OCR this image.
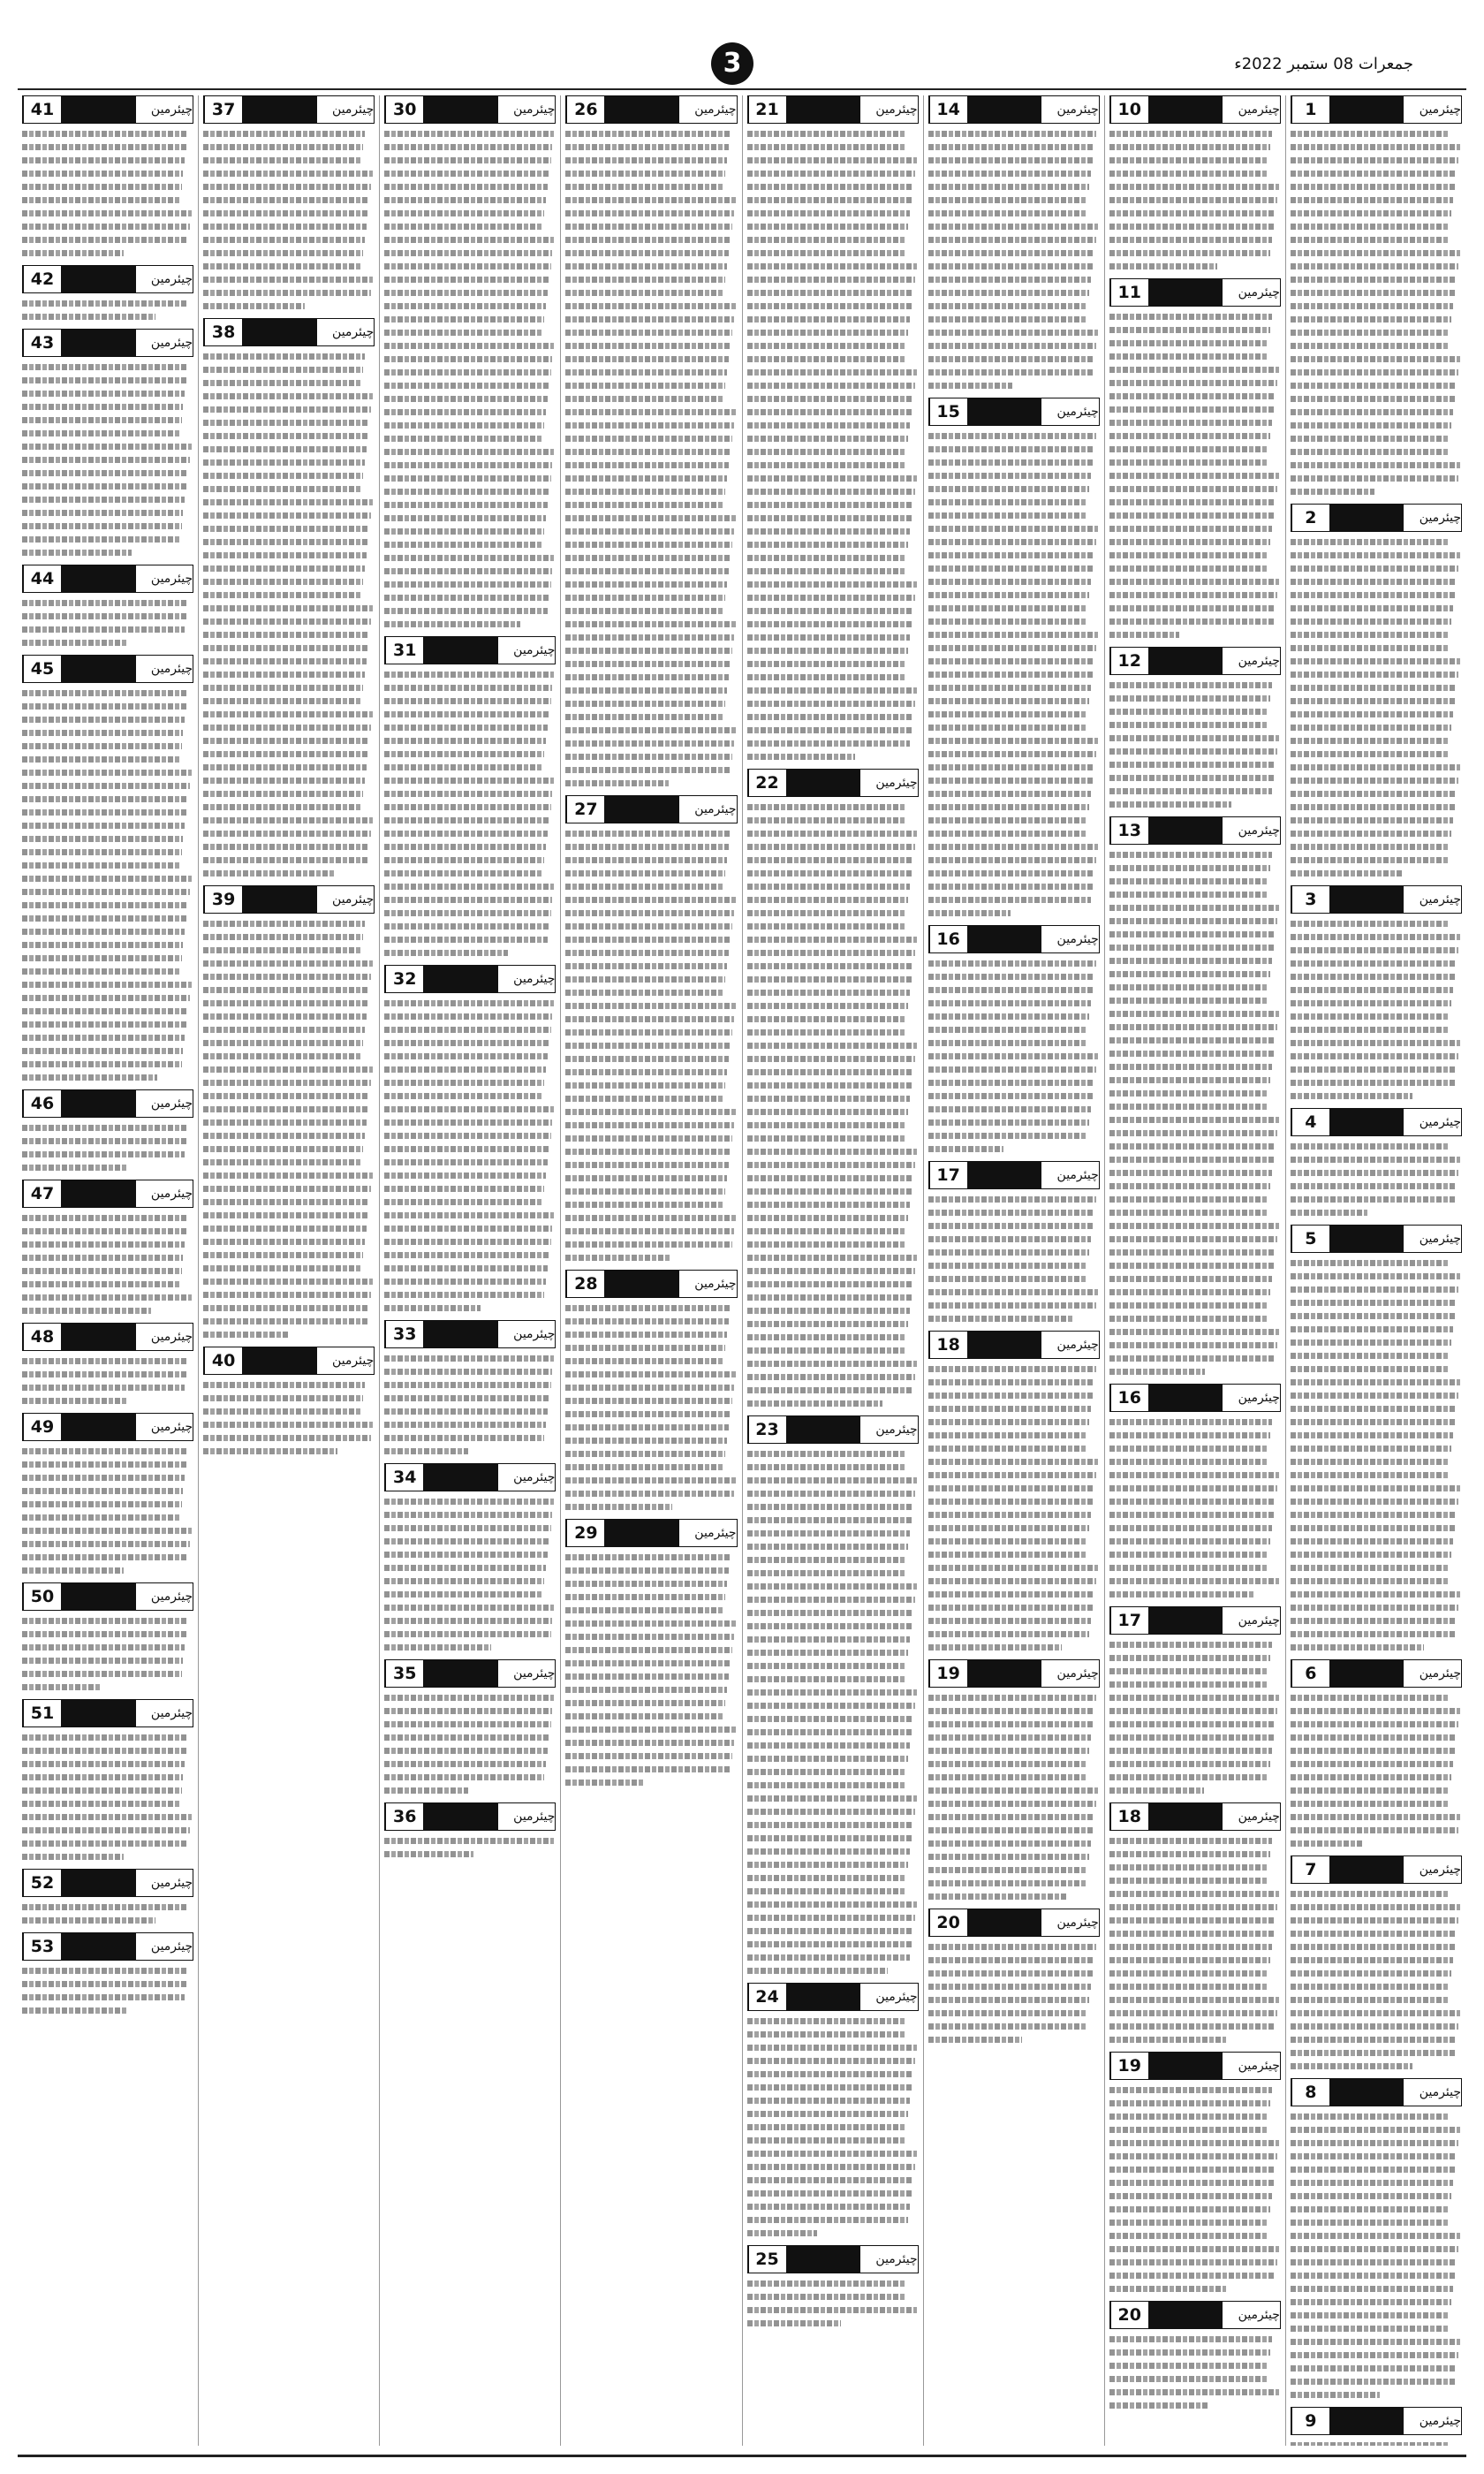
3	جمعرات 08 ستمبر 2022ء
1	چیئرمین
2	چیئرمین
3	چیئرمین
4	چیئرمین
5	چیئرمین
6	چیئرمین
7	چیئرمین
8	چیئرمین
9	چیئرمین
10	چیئرمین
11	چیئرمین
12	چیئرمین
13	چیئرمین
16	چیئرمین
17	چیئرمین
18	چیئرمین
19	چیئرمین
20	چیئرمین
14	چیئرمین
15	چیئرمین
16	چیئرمین
17	چیئرمین
18	چیئرمین
19	چیئرمین
20	چیئرمین
21	چیئرمین
22	چیئرمین
23	چیئرمین
24	چیئرمین
25	چیئرمین
26	چیئرمین
27	چیئرمین
28	چیئرمین
29	چیئرمین
30	چیئرمین
31	چیئرمین
32	چیئرمین
33	چیئرمین
34	چیئرمین
35	چیئرمین
36	چیئرمین
37	چیئرمین
38	چیئرمین
39	چیئرمین
40	چیئرمین
41	چیئرمین
42	چیئرمین
43	چیئرمین
44	چیئرمین
45	چیئرمین
46	چیئرمین
47	چیئرمین
48	چیئرمین
49	چیئرمین
50	چیئرمین
51	چیئرمین
52	چیئرمین
53	چیئرمین
